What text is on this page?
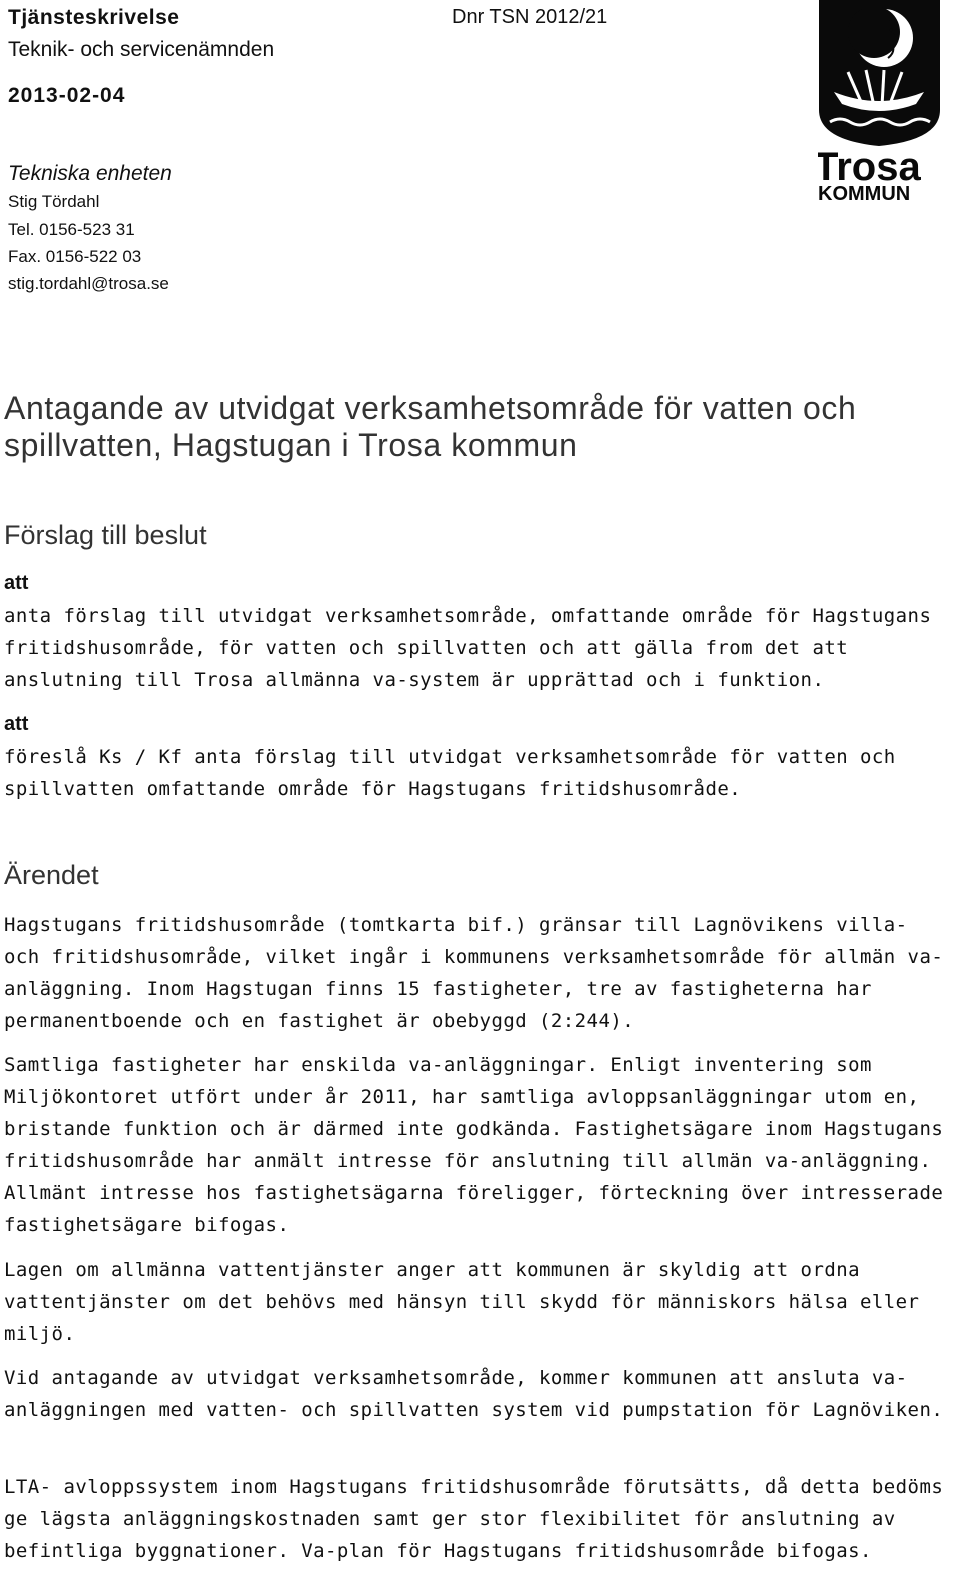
Tjänsteskrivelse
Teknik- och servicenämnden
2013-02-04
Dnr TSN 2012/21
Tekniska enheten
Stig Tördahl
Tel. 0156-523 31
Fax. 0156-522 03
stig.tordahl@trosa.se
Trosa
KOMMUN
Antagande av utvidgat verksamhetsområde för vatten och spillvatten, Hagstugan i Trosa kommun
Förslag till beslut
att
anta förslag till utvidgat verksamhetsområde, omfattande område för Hagstugans fritidshusområde, för vatten och spillvatten och att gälla from det att anslutning till Trosa allmänna va-system är upprättad och i funktion.
att
föreslå Ks / Kf anta förslag till utvidgat verksamhetsområde för vatten och spillvatten omfattande område för Hagstugans fritidshusområde.
Ärendet
Hagstugans fritidshusområde (tomtkarta bif.) gränsar till Lagnövikens villa- och fritidshusområde, vilket ingår i kommunens verksamhetsområde för allmän va-anläggning. Inom Hagstugan finns 15 fastigheter, tre av fastigheterna har permanentboende och en fastighet är obebyggd (2:244).
Samtliga fastigheter har enskilda va-anläggningar. Enligt inventering som Miljökontoret utfört under år 2011, har samtliga avloppsanläggningar utom en, bristande funktion och är därmed inte godkända. Fastighetsägare inom Hagstugans fritidshusområde har anmält intresse för anslutning till allmän va-anläggning. Allmänt intresse hos fastighetsägarna föreligger, förteckning över intresserade fastighetsägare bifogas.
Lagen om allmänna vattentjänster anger att kommunen är skyldig att ordna vattentjänster om det behövs med hänsyn till skydd för människors hälsa eller miljö.
Vid antagande av utvidgat verksamhetsområde, kommer kommunen att ansluta va-anläggningen med vatten- och spillvatten system vid pumpstation för Lagnöviken.
LTA- avloppssystem inom Hagstugans fritidshusområde förutsätts, då detta bedöms ge lägsta anläggningskostnaden samt ger stor flexibilitet för anslutning av befintliga byggnationer. Va-plan för Hagstugans fritidshusområde bifogas.
